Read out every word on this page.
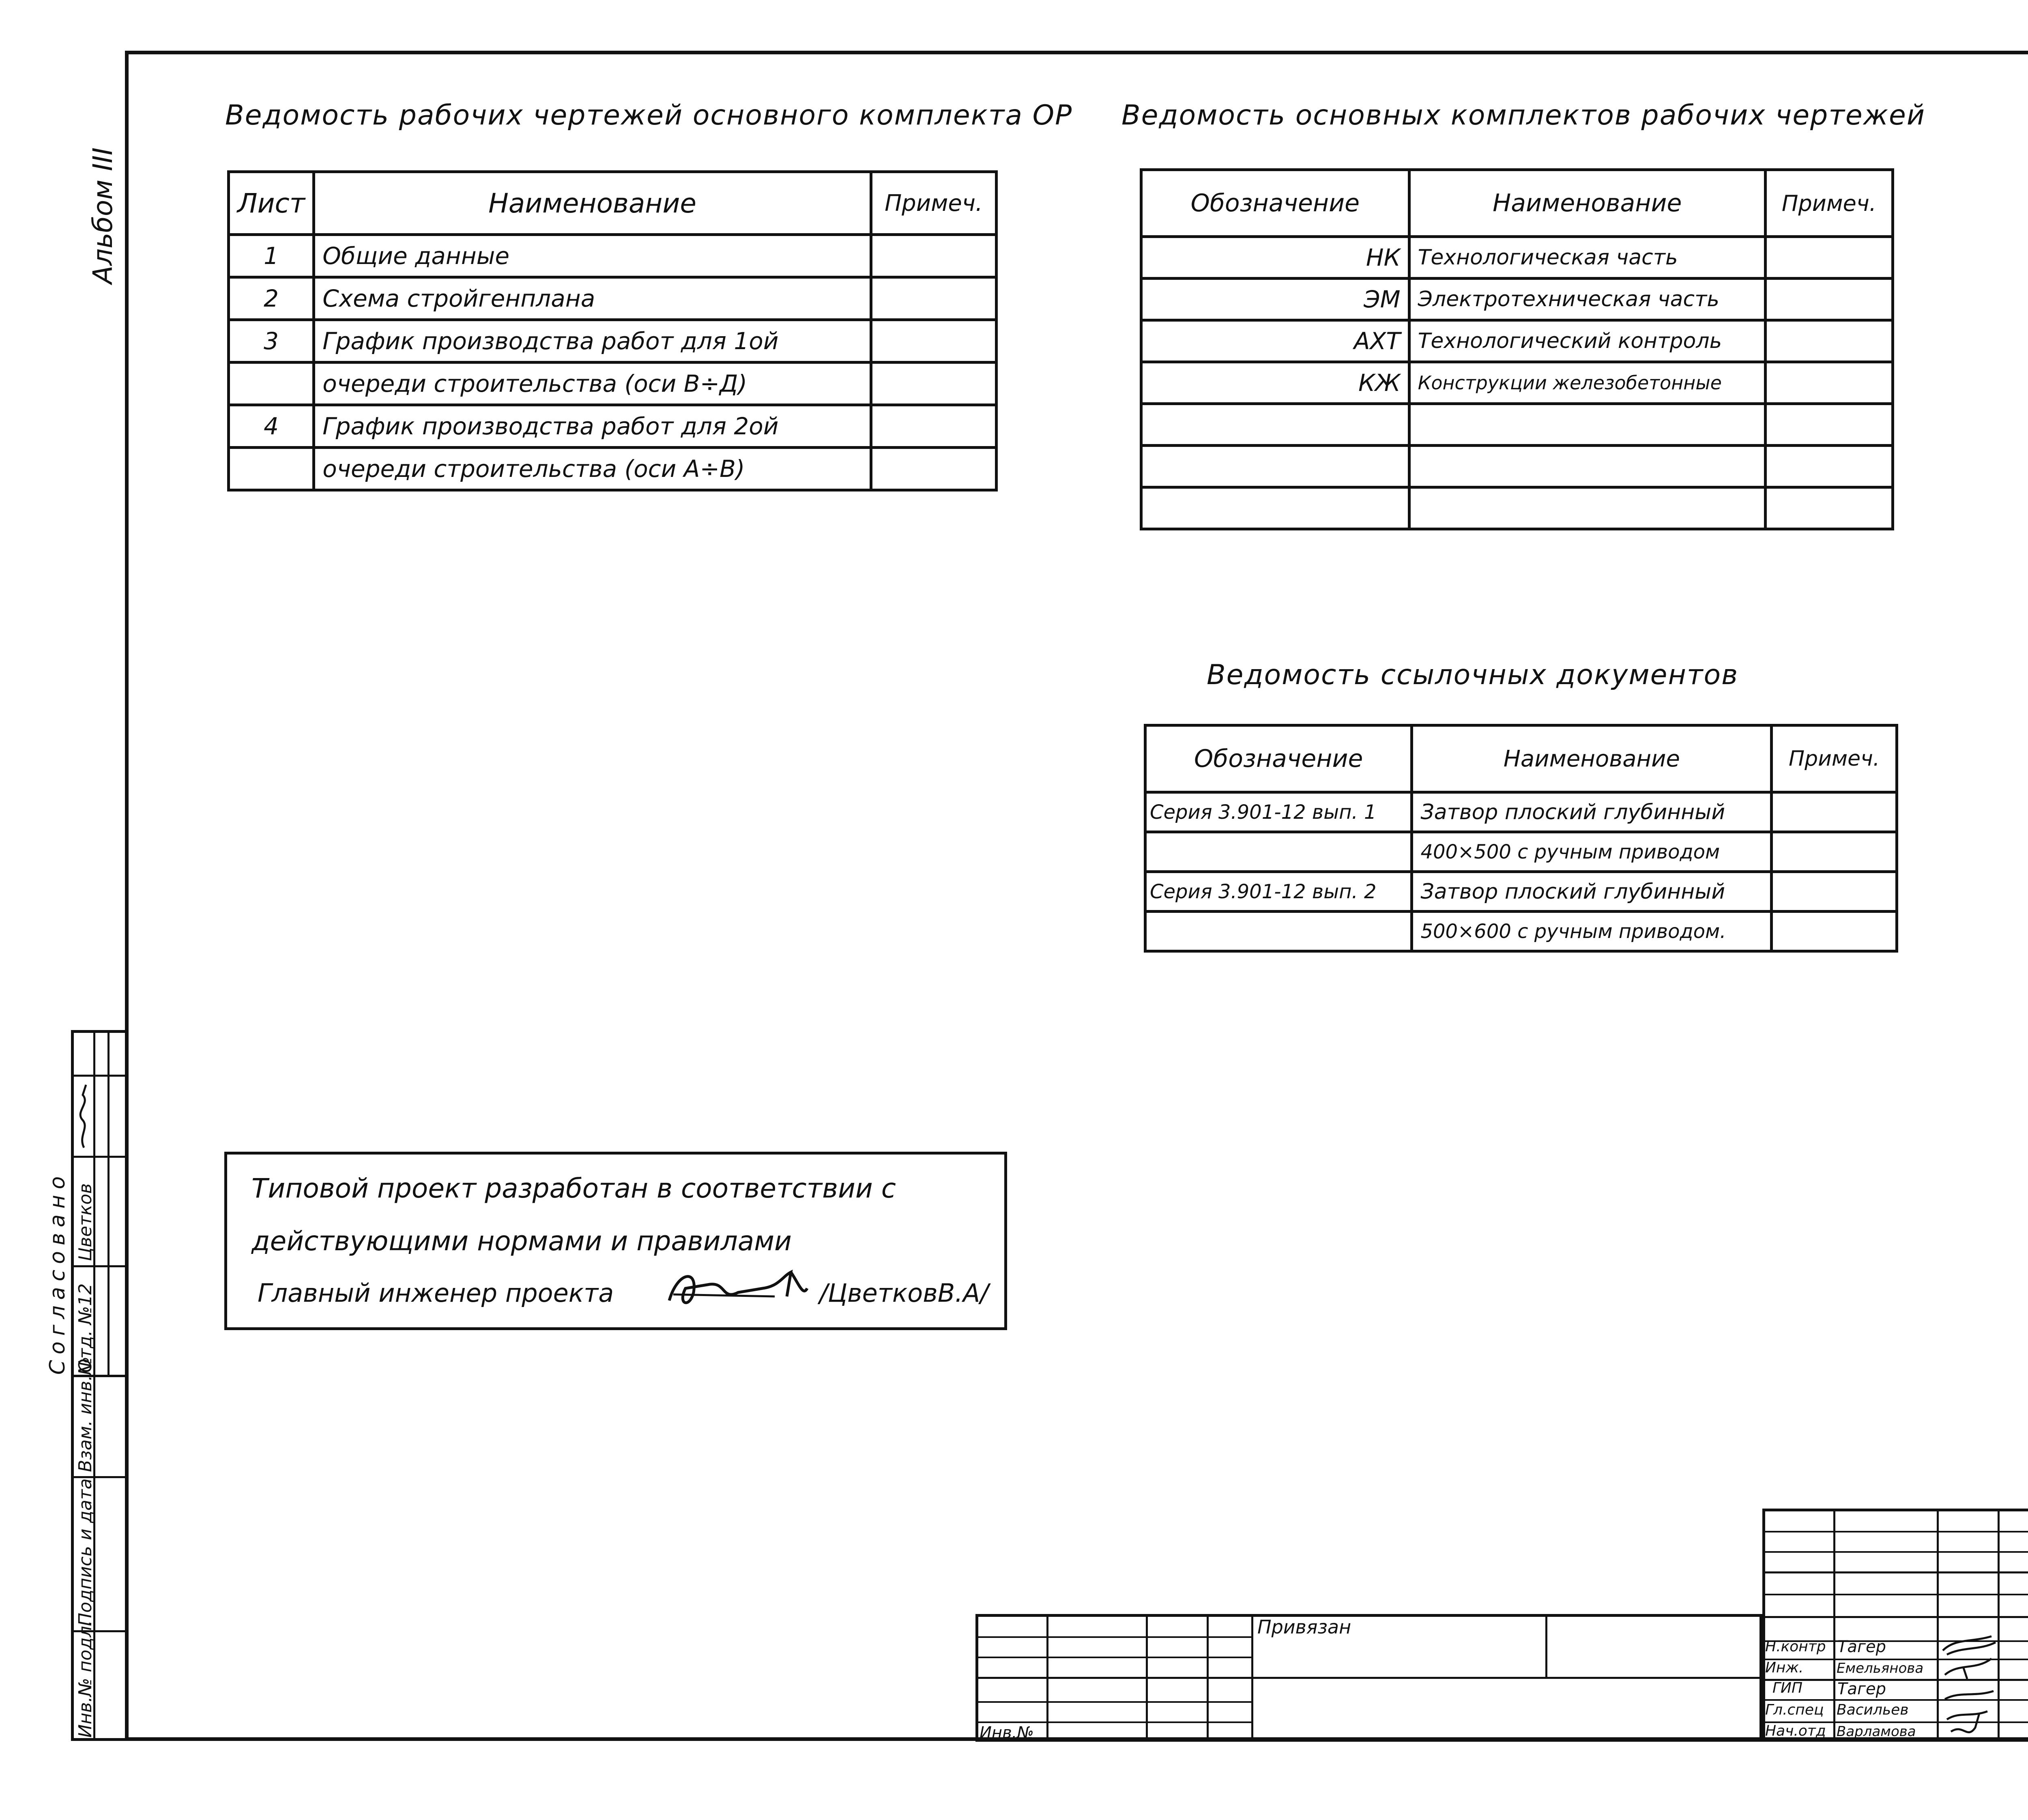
Альбом III
Ведомость рабочих чертежей основного комплекта ОР
Лист	Наименование	Примеч.
1	Общие данные	
2	Схема стройгенплана	
3	График производства работ для 1ой	
	очереди строительства (оси В÷Д)	
4	График производства работ для 2ой	
	очереди строительства (оси А÷В)	
Ведомость основных комплектов рабочих чертежей
Обозначение	Наименование	Примеч.
НК	Технологическая часть	
ЭМ	Электротехническая часть	
АХТ	Технологический контроль	
КЖ	Конструкции железобетонные	

Ведомость ссылочных документов
Обозначение	Наименование	Примеч.
Серия 3.901-12 вып. 1	Затвор плоский глубинный	
	400×500 с ручным приводом	
Серия 3.901-12 вып. 2	Затвор плоский глубинный	
	500×600 с ручным приводом.	
Типовой проект разработан в соответствии с
действующими нормами и правилами
Главный инженер проекта	/ЦветковВ.А/
Согласовано Отд. №12
Цветков
Взам. инв.№
Подпись и дата
Инв.№ подл.	Привязан
Инв.№
Н.контр Тагер
Инж. Емельянова
ГИП Тагер
Гл.спец Васильев
Нач.отд Варламова
